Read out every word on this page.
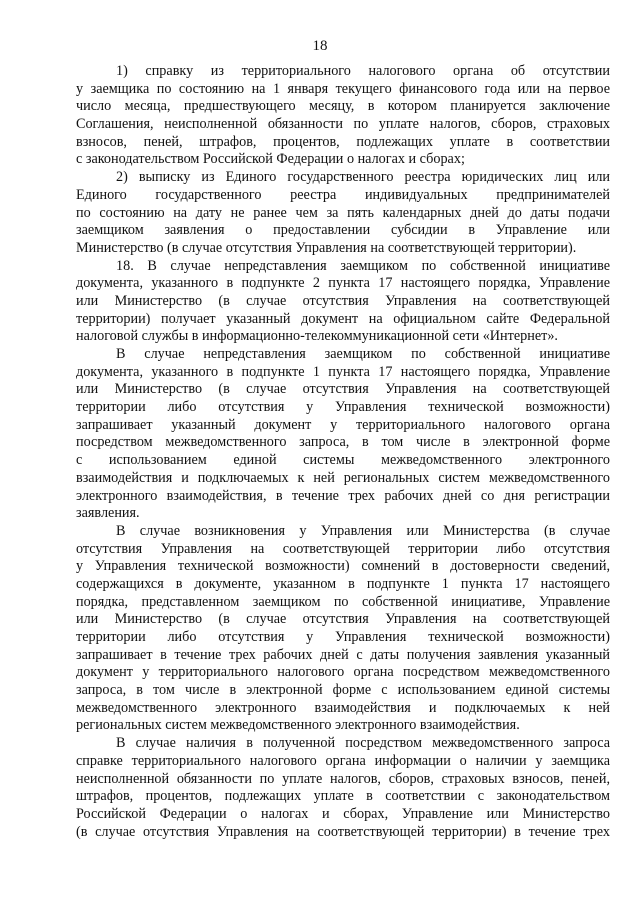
18
1) справку из территориального налогового органа об отсутствии
у заемщика по состоянию на 1 января текущего финансового года или на первое
число месяца, предшествующего месяцу, в котором планируется заключение
Соглашения, неисполненной обязанности по уплате налогов, сборов, страховых
взносов, пеней, штрафов, процентов, подлежащих уплате в соответствии
с законодательством Российской Федерации о налогах и сборах;
2) выписку из Единого государственного реестра юридических лиц или
Единого государственного реестра индивидуальных предпринимателей
по состоянию на дату не ранее чем за пять календарных дней до даты подачи
заемщиком заявления о предоставлении субсидии в Управление или
Министерство (в случае отсутствия Управления на соответствующей территории).
18. В случае непредставления заемщиком по собственной инициативе
документа, указанного в подпункте 2 пункта 17 настоящего порядка, Управление
или Министерство (в случае отсутствия Управления на соответствующей
территории) получает указанный документ на официальном сайте Федеральной
налоговой службы в информационно-телекоммуникационной сети «Интернет».
В случае непредставления заемщиком по собственной инициативе
документа, указанного в подпункте 1 пункта 17 настоящего порядка, Управление
или Министерство (в случае отсутствия Управления на соответствующей
территории либо отсутствия у Управления технической возможности)
запрашивает указанный документ у территориального налогового органа
посредством межведомственного запроса, в том числе в электронной форме
с использованием единой системы межведомственного электронного
взаимодействия и подключаемых к ней региональных систем межведомственного
электронного взаимодействия, в течение трех рабочих дней со дня регистрации
заявления.
В случае возникновения у Управления или Министерства (в случае
отсутствия Управления на соответствующей территории либо отсутствия
у Управления технической возможности) сомнений в достоверности сведений,
содержащихся в документе, указанном в подпункте 1 пункта 17 настоящего
порядка, представленном заемщиком по собственной инициативе, Управление
или Министерство (в случае отсутствия Управления на соответствующей
территории либо отсутствия у Управления технической возможности)
запрашивает в течение трех рабочих дней с даты получения заявления указанный
документ у территориального налогового органа посредством межведомственного
запроса, в том числе в электронной форме с использованием единой системы
межведомственного электронного взаимодействия и подключаемых к ней
региональных систем межведомственного электронного взаимодействия.
В случае наличия в полученной посредством межведомственного запроса
справке территориального налогового органа информации о наличии у заемщика
неисполненной обязанности по уплате налогов, сборов, страховых взносов, пеней,
штрафов, процентов, подлежащих уплате в соответствии с законодательством
Российской Федерации о налогах и сборах, Управление или Министерство
(в случае отсутствия Управления на соответствующей территории) в течение трех
